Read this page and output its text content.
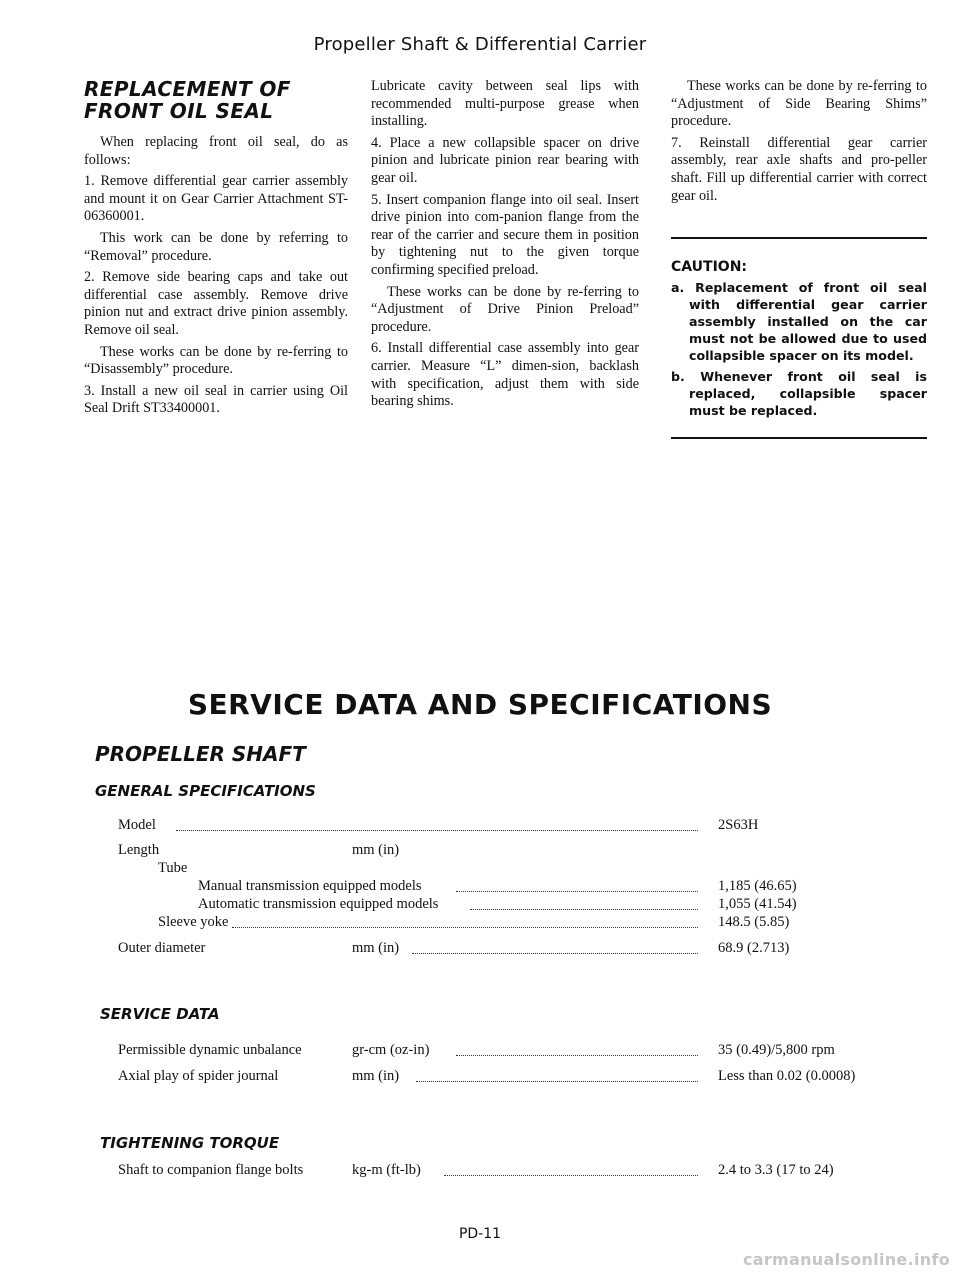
Propeller Shaft & Differential Carrier
REPLACEMENT OF
FRONT OIL SEAL

When replacing front oil seal, do as follows:

1. Remove differential gear carrier assembly and mount it on Gear Carrier Attachment ST-06360001.

This work can be done by referring to “Removal” procedure.

2. Remove side bearing caps and take out differential case assembly. Remove drive pinion nut and extract drive pinion assembly. Remove oil seal.

These works can be done by re-ferring to “Disassembly” procedure.

3. Install a new oil seal in carrier using Oil Seal Drift ST33400001.

Lubricate cavity between seal lips with recommended multi-purpose grease when installing.

4. Place a new collapsible spacer on drive pinion and lubricate pinion rear bearing with gear oil.

5. Insert companion flange into oil seal. Insert drive pinion into com-panion flange from the rear of the carrier and secure them in position by tightening nut to the given torque confirming specified preload.

These works can be done by re-ferring to “Adjustment of Drive Pinion Preload” procedure.

6. Install differential case assembly into gear carrier. Measure “L” dimen-sion, backlash with specification, adjust them with side bearing shims.

These works can be done by re-ferring to “Adjustment of Side Bearing Shims” procedure.

7. Reinstall differential gear carrier assembly, rear axle shafts and pro-peller shaft. Fill up differential carrier with correct gear oil.

CAUTION:

a. Replacement of front oil seal with differential gear carrier assembly installed on the car must not be allowed due to used collapsible spacer on its model.

b. Whenever front oil seal is replaced, collapsible spacer must be replaced.

SERVICE DATA AND SPECIFICATIONS
PROPELLER SHAFT
GENERAL SPECIFICATIONS
Model	2S63H
Length	mm (in)
Tube
Manual transmission equipped models	1,185 (46.65)
Automatic transmission equipped models	1,055 (41.54)
Sleeve yoke	148.5 (5.85)
Outer diameter	mm (in)	68.9 (2.713)
SERVICE DATA
Permissible dynamic unbalance	gr-cm (oz-in)	35 (0.49)/5,800 rpm
Axial play of spider journal	mm (in)	Less than 0.02 (0.0008)
TIGHTENING TORQUE
Shaft to companion flange bolts	kg-m (ft-lb)	2.4 to 3.3 (17 to 24)
PD-11
carmanualsonline.info
